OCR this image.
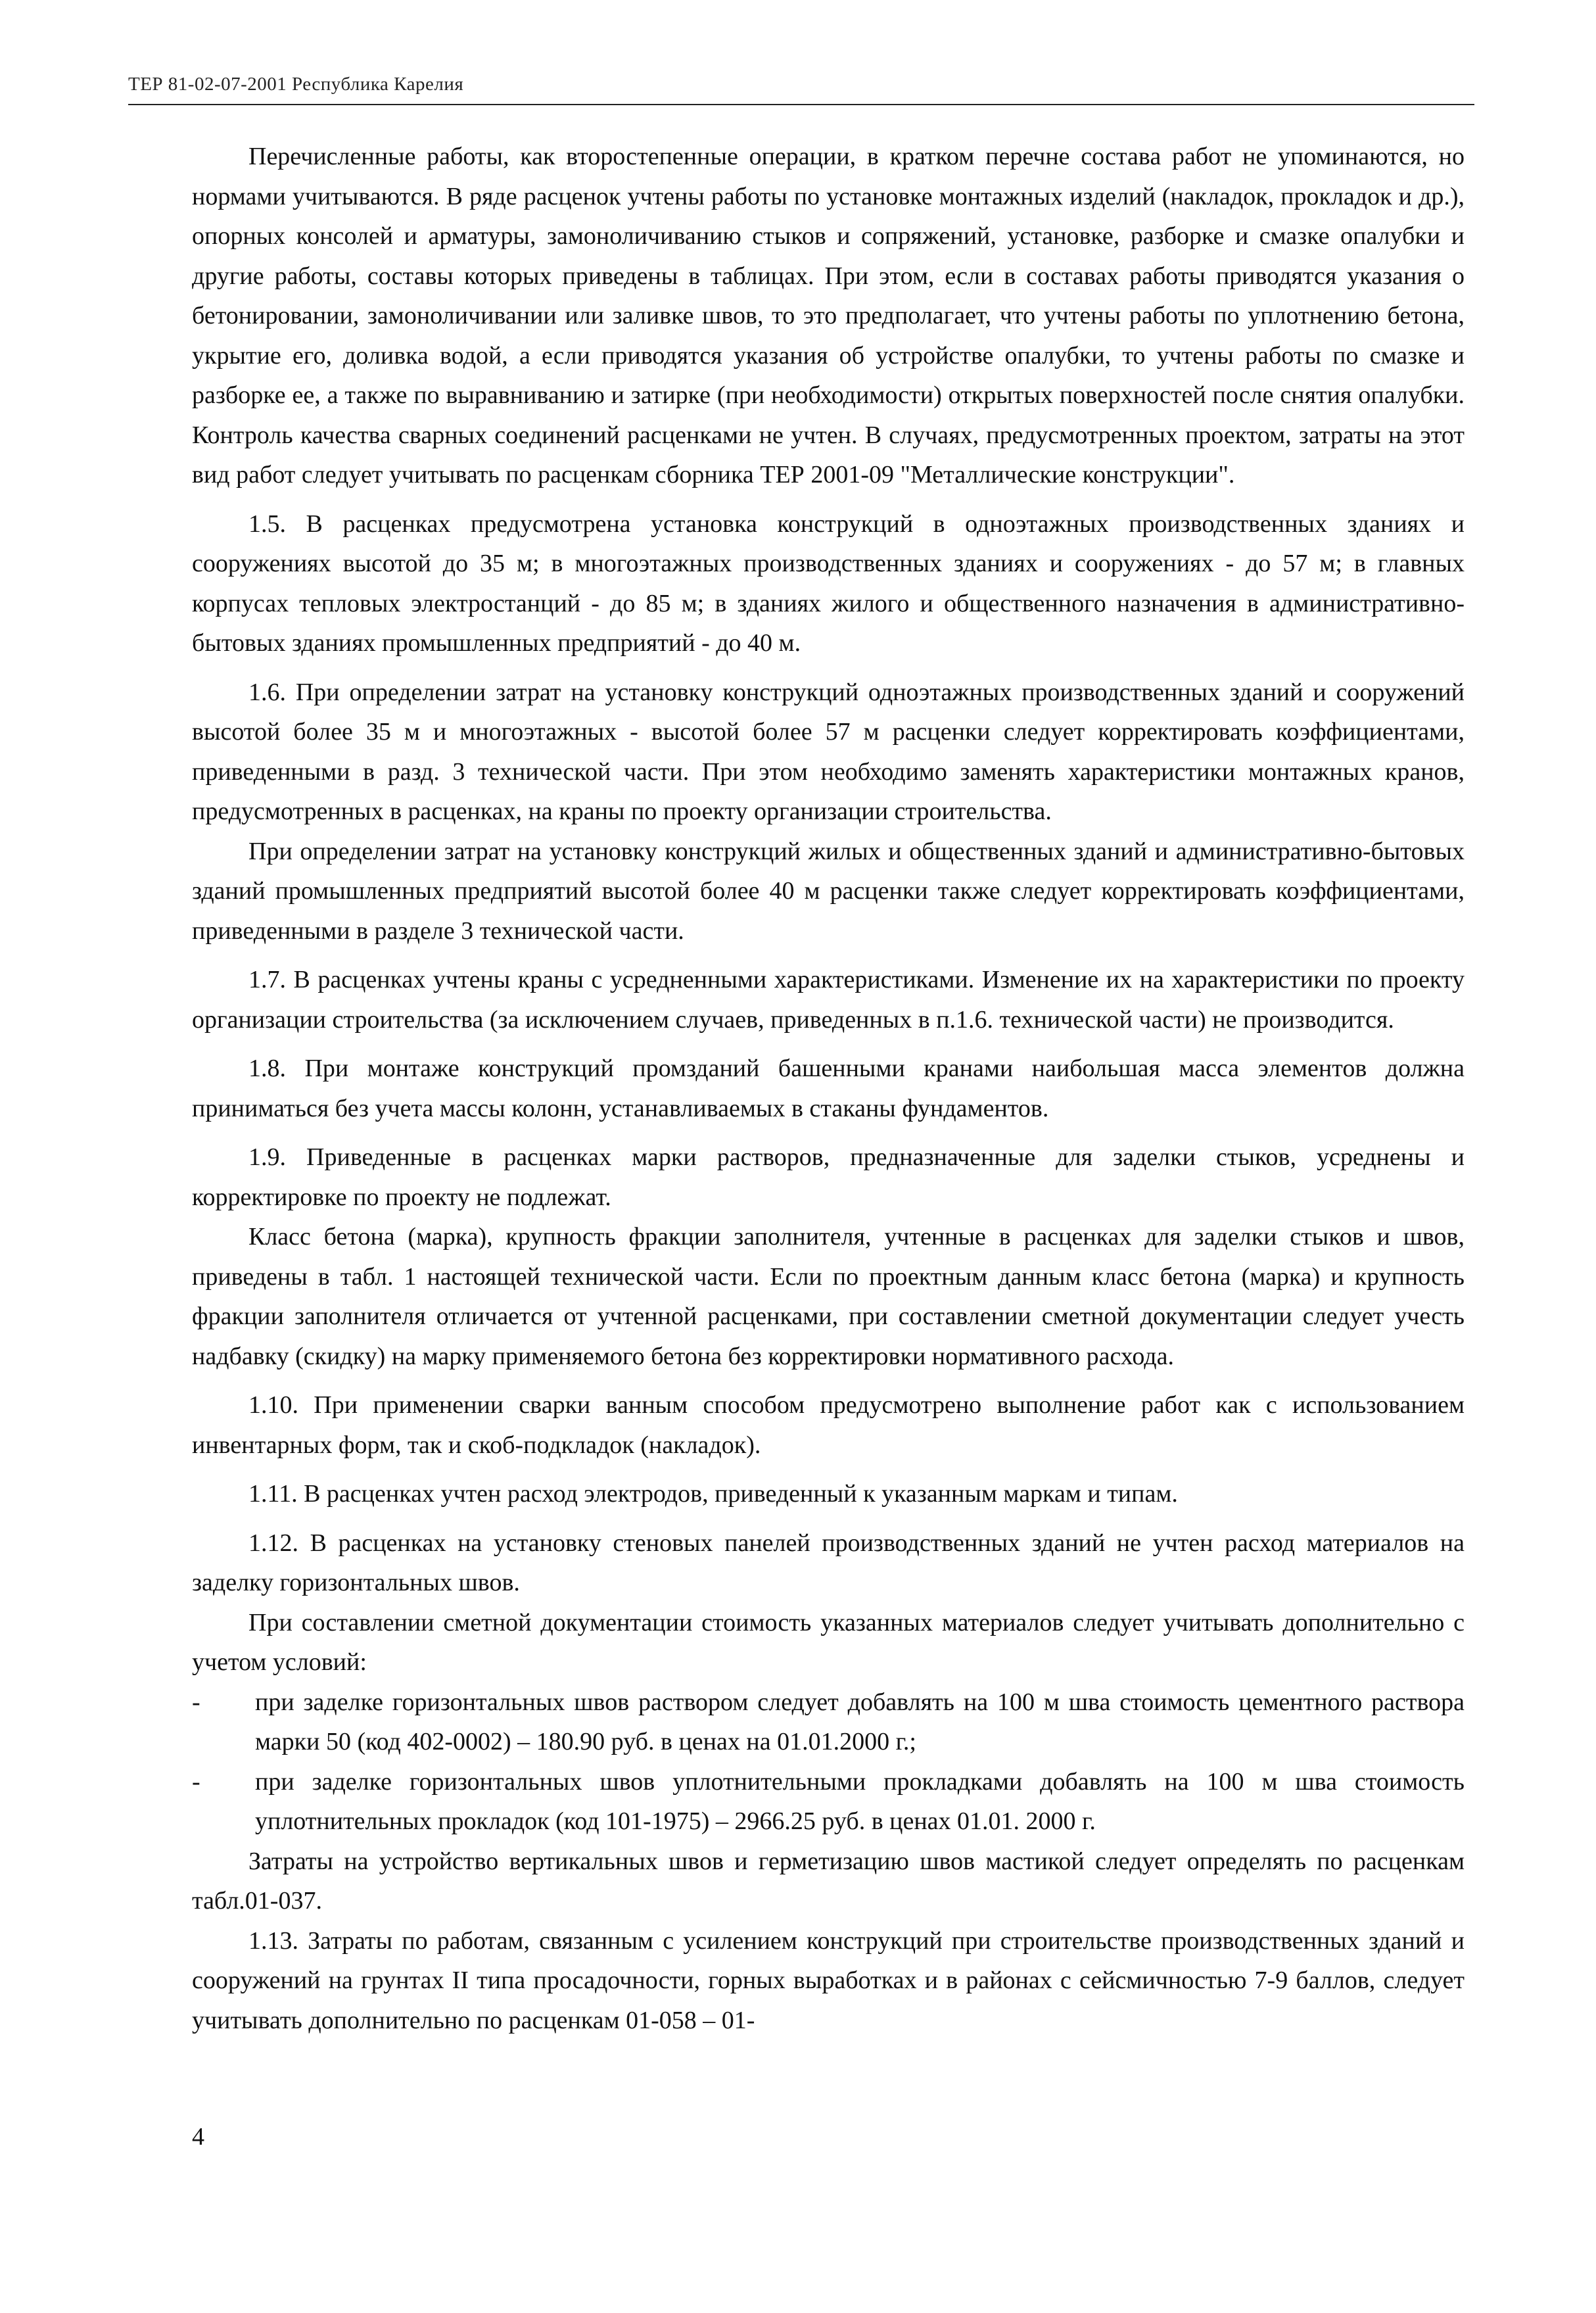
ТЕР 81-02-07-2001 Республика Карелия

Перечисленные работы, как второстепенные операции, в кратком перечне состава работ не упоминаются, но нормами учитываются. В ряде расценок учтены работы по установке монтажных изделий (накладок, прокладок и др.), опорных консолей и арматуры, замоноличиванию стыков и сопряжений, установке, разборке и смазке опалубки и другие работы, составы которых приведены в таблицах. При этом, если в составах работы приводятся указания о бетонировании, замоноличивании или заливке швов, то это предполагает, что учтены работы по уплотнению бетона, укрытие его, доливка водой, а если приводятся указания об устройстве опалубки, то учтены работы по смазке и разборке ее, а также по выравниванию и затирке (при необходимости) открытых поверхностей после снятия опалубки. Контроль качества сварных соединений расценками не учтен. В случаях, предусмотренных проектом, затраты на этот вид работ следует учитывать по расценкам сборника ТЕР 2001-09 "Металлические конструкции".

1.5. В расценках предусмотрена установка конструкций в одноэтажных производственных зданиях и сооружениях высотой до 35 м; в многоэтажных производственных зданиях и сооружениях - до 57 м; в главных корпусах тепловых электростанций - до 85 м; в зданиях жилого и общественного назначения в административно-бытовых зданиях промышленных предприятий - до 40 м.

1.6. При определении затрат на установку конструкций одноэтажных производственных зданий и сооружений высотой более 35 м и многоэтажных - высотой более 57 м расценки следует корректировать коэффициентами, приведенными в разд. 3 технической части. При этом необходимо заменять характеристики монтажных кранов, предусмотренных в расценках, на краны по проекту организации строительства.

При определении затрат на установку конструкций жилых и общественных зданий и административно-бытовых зданий промышленных предприятий высотой более 40 м расценки также следует корректировать коэффициентами, приведенными в разделе 3 технической части.

1.7. В расценках учтены краны с усредненными характеристиками. Изменение их на характеристики по проекту организации строительства (за исключением случаев, приведенных в п.1.6. технической части) не производится.

1.8. При монтаже конструкций промзданий башенными кранами наибольшая масса элементов должна приниматься без учета массы колонн, устанавливаемых в стаканы фундаментов.

1.9. Приведенные в расценках марки растворов, предназначенные для заделки стыков, усреднены и корректировке по проекту не подлежат.

Класс бетона (марка), крупность фракции заполнителя, учтенные в расценках для заделки стыков и швов, приведены в табл. 1 настоящей технической части. Если по проектным данным класс бетона (марка) и крупность фракции заполнителя отличается от учтенной расценками, при составлении сметной документации следует учесть надбавку (скидку) на марку применяемого бетона без корректировки нормативного расхода.

1.10. При применении сварки ванным способом предусмотрено выполнение работ как с использованием инвентарных форм, так и скоб-подкладок (накладок).

1.11. В расценках учтен расход электродов, приведенный к указанным маркам и типам.

1.12. В расценках на установку стеновых панелей производственных зданий не учтен расход материалов на заделку горизонтальных швов.

При составлении сметной документации стоимость указанных материалов следует учитывать дополнительно с учетом условий:

- при заделке горизонтальных швов раствором следует добавлять на 100 м шва стоимость цементного раствора марки 50 (код 402-0002) – 180.90 руб. в ценах на 01.01.2000 г.;

- при заделке горизонтальных швов уплотнительными прокладками добавлять на 100 м шва стоимость уплотнительных прокладок (код 101-1975) – 2966.25 руб. в ценах 01.01. 2000 г.

Затраты на устройство вертикальных швов и герметизацию швов мастикой следует определять по расценкам табл.01-037.

1.13. Затраты по работам, связанным с усилением конструкций при строительстве производственных зданий и сооружений на грунтах II типа просадочности, горных выработках и в районах с сейсмичностью 7-9 баллов, следует учитывать дополнительно по расценкам 01-058 – 01-

4
